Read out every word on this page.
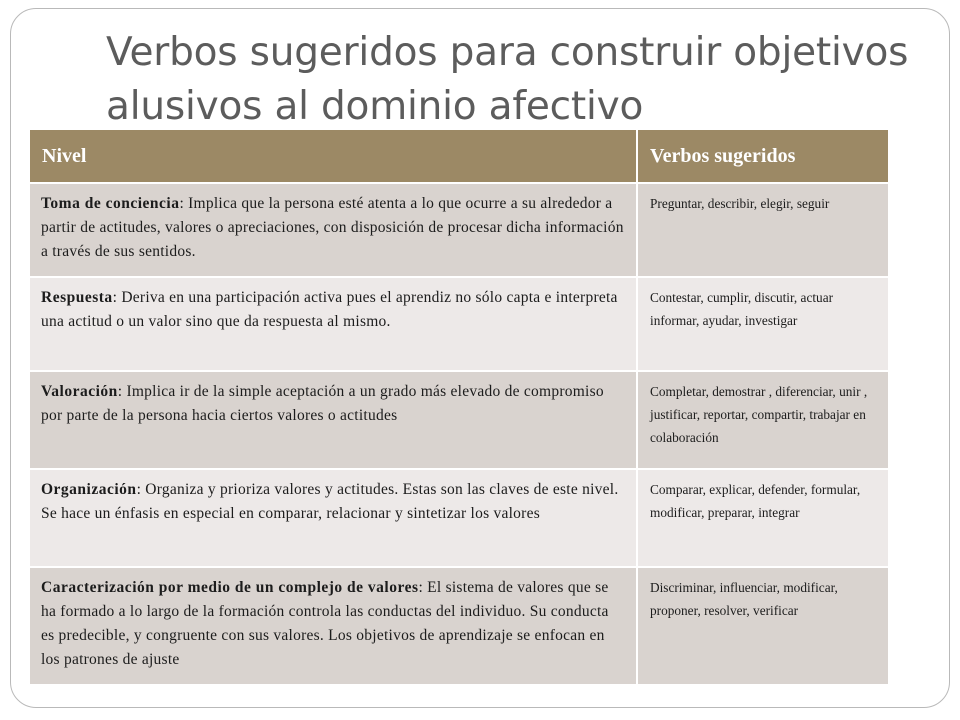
Verbos sugeridos para construir objetivos alusivos al dominio afectivo
Nivel	Verbos sugeridos
Toma de conciencia: Implica que la persona esté atenta a lo que ocurre a su alrededor a partir de actitudes, valores o apreciaciones, con disposición de procesar dicha información a través de sus sentidos.
Preguntar, describir, elegir, seguir
Respuesta: Deriva en una participación activa pues el aprendiz no sólo capta e interpreta una actitud o un valor sino que da respuesta al mismo.
Contestar, cumplir, discutir, actuar informar, ayudar, investigar
Valoración: Implica ir de la simple aceptación a un grado más elevado de compromiso por parte de la persona hacia ciertos valores o actitudes
Completar, demostrar , diferenciar, unir , justificar, reportar, compartir, trabajar en colaboración
Organización: Organiza y prioriza valores y actitudes. Estas son las claves de este nivel. Se hace un énfasis en especial en comparar, relacionar y sintetizar los valores
Comparar, explicar, defender, formular, modificar, preparar, integrar
Caracterización por medio de un complejo de valores: El sistema de valores que se ha formado a lo largo de la formación controla las conductas del individuo. Su conducta es predecible, y congruente con sus valores. Los objetivos de aprendizaje se enfocan en los patrones de ajuste
Discriminar, influenciar, modificar, proponer, resolver, verificar
